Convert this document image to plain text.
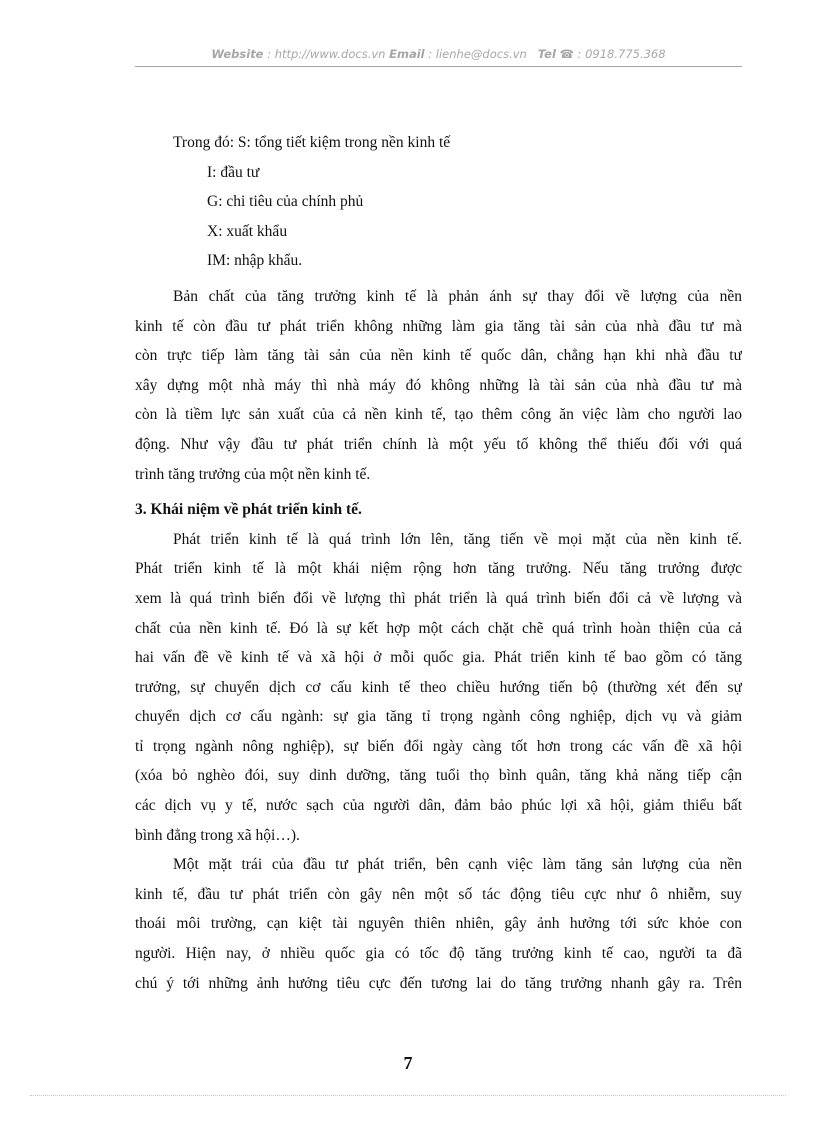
Website : http://www.docs.vn Email : lienhe@docs.vn Tel ☎ : 0918.775.368
Trong đó: S: tổng tiết kiệm trong nền kinh tế
I: đầu tư
G: chi tiêu của chính phủ
X: xuất khẩu
IM: nhập khẩu.
Bản chất của tăng trưởng kinh tế là phản ánh sự thay đổi về lượng của nền
kinh tế còn đầu tư phát triển không những làm gia tăng tài sản của nhà đầu tư mà
còn trực tiếp làm tăng tài sản của nền kinh tế quốc dân, chẳng hạn khi nhà đầu tư
xây dựng một nhà máy thì nhà máy đó không những là tài sản của nhà đầu tư mà
còn là tiềm lực sản xuất của cả nền kinh tế, tạo thêm công ăn việc làm cho người lao
động. Như vậy đầu tư phát triển chính là một yếu tố không thể thiếu đối với quá
trình tăng trưởng của một nền kinh tế.
3. Khái niệm về phát triển kinh tế.
Phát triển kinh tế là quá trình lớn lên, tăng tiến về mọi mặt của nền kinh tế.
Phát triển kinh tế là một khái niệm rộng hơn tăng trưởng. Nếu tăng trưởng được
xem là quá trình biến đổi về lượng thì phát triển là quá trình biến đổi cả về lượng và
chất của nền kinh tế. Đó là sự kết hợp một cách chặt chẽ quá trình hoàn thiện của cả
hai vấn đề về kinh tế và xã hội ở mỗi quốc gia. Phát triển kinh tế bao gồm có tăng
trưởng, sự chuyển dịch cơ cấu kinh tế theo chiều hướng tiến bộ (thường xét đến sự
chuyển dịch cơ cấu ngành: sự gia tăng tỉ trọng ngành công nghiệp, dịch vụ và giảm
tỉ trọng ngành nông nghiệp), sự biến đổi ngày càng tốt hơn trong các vấn đề xã hội
(xóa bỏ nghèo đói, suy dinh dưỡng, tăng tuổi thọ bình quân, tăng khả năng tiếp cận
các dịch vụ y tế, nước sạch của người dân, đảm bảo phúc lợi xã hội, giảm thiểu bất
bình đẳng trong xã hội…).
Một mặt trái của đầu tư phát triển, bên cạnh việc làm tăng sản lượng của nền
kinh tế, đầu tư phát triển còn gây nên một số tác động tiêu cực như ô nhiễm, suy
thoái môi trường, cạn kiệt tài nguyên thiên nhiên, gây ảnh hưởng tới sức khỏe con
người. Hiện nay, ở nhiều quốc gia có tốc độ tăng trưởng kinh tế cao, người ta đã
chú ý tới những ảnh hưởng tiêu cực đến tương lai do tăng trưởng nhanh gây ra. Trên
7
